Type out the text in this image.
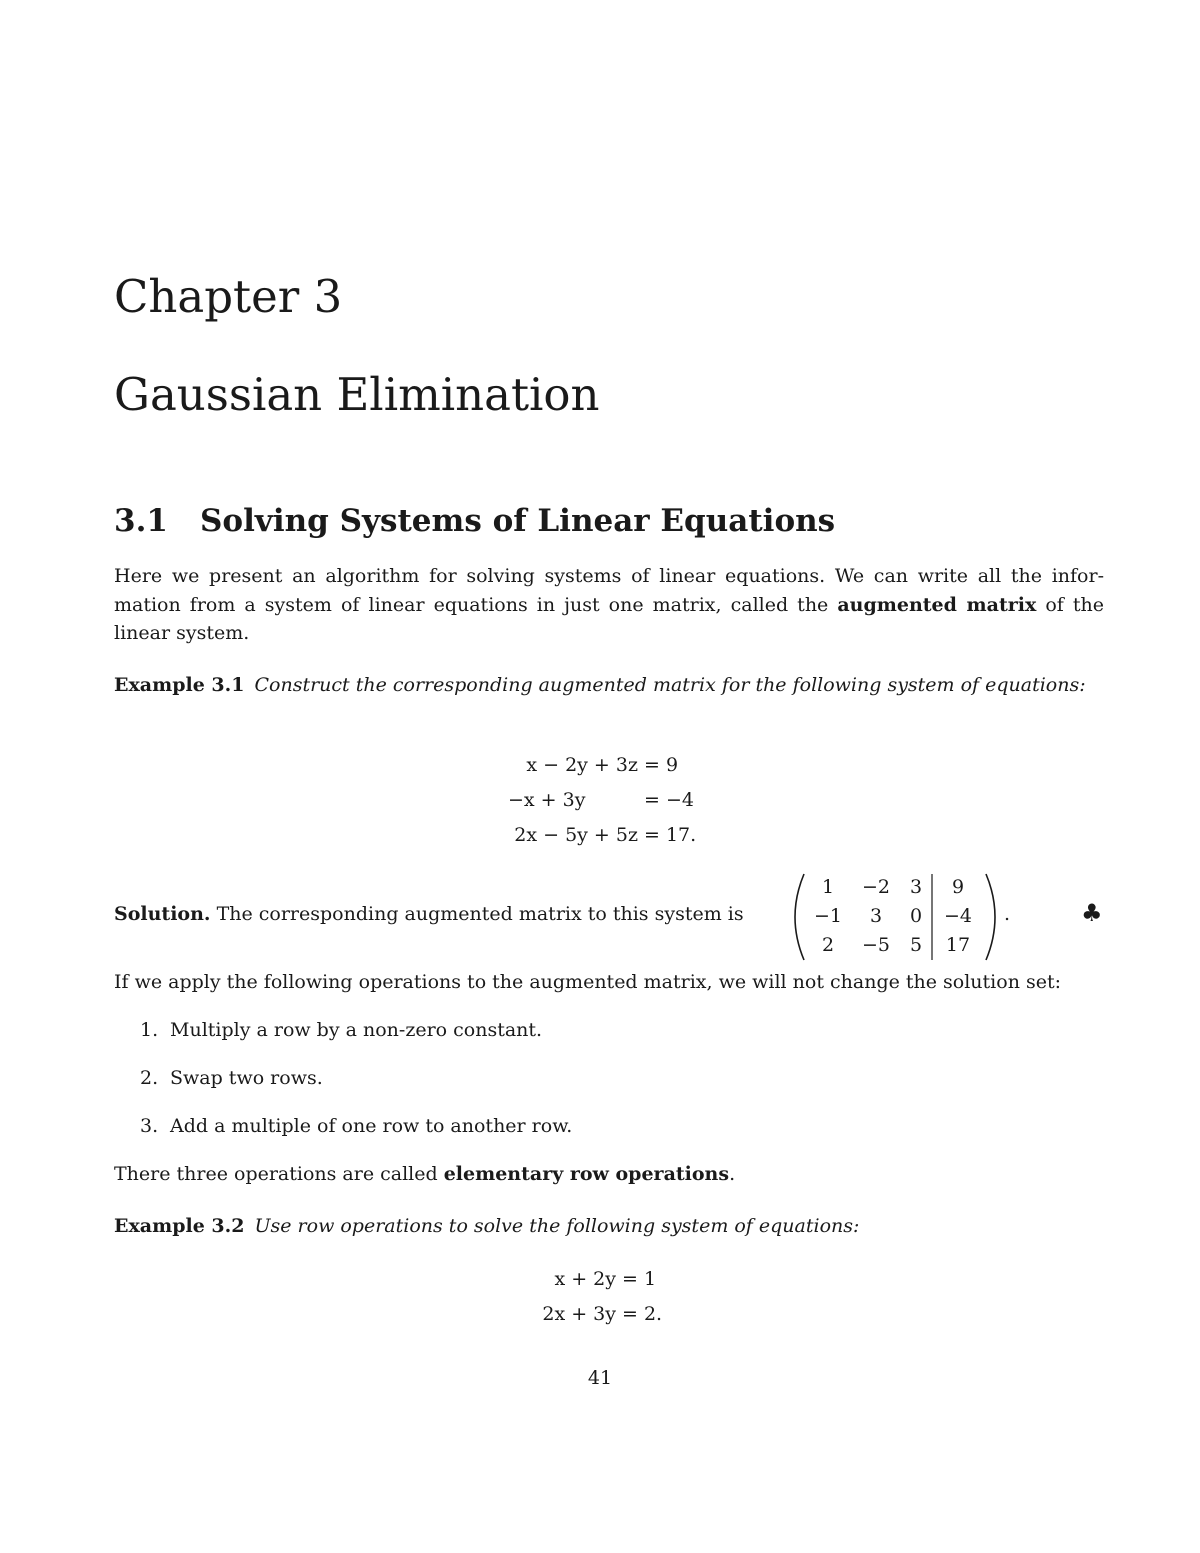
Chapter 3
Gaussian Elimination
3.1 Solving Systems of Linear Equations
Here we present an algorithm for solving systems of linear equations. We can write all the infor-
mation from a system of linear equations in just one matrix, called the augmented matrix of the
linear system.
Example 3.1 Construct the corresponding augmented matrix for the following system of equations:
x − 2y + 3z = 9
−x + 3y	= −4
2x − 5y + 5z = 17.
Solution. The corresponding augmented matrix to this system is
1	−2	3	9
−1	3	0	−4
2	−5	5	17
.	♣
If we apply the following operations to the augmented matrix, we will not change the solution set:
1. Multiply a row by a non-zero constant.
2. Swap two rows.
3. Add a multiple of one row to another row.
There three operations are called elementary row operations.
Example 3.2 Use row operations to solve the following system of equations:
x + 2y = 1
2x + 3y = 2.
41
